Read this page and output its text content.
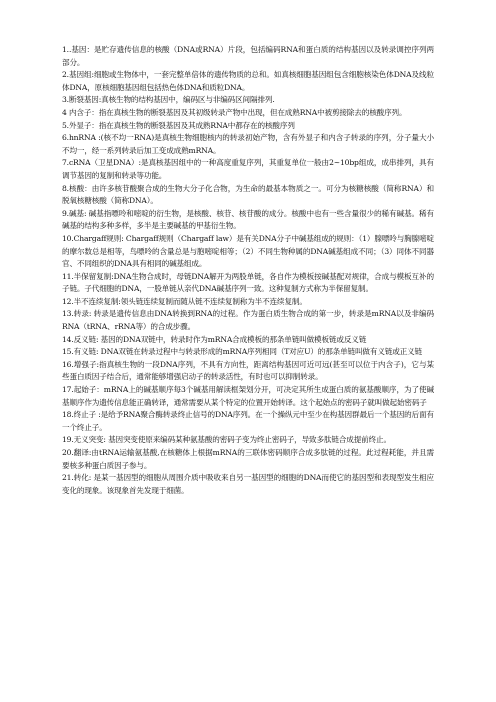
1..基因：是贮存遗传信息的核酸（DNA或RNA）片段，包括编码RNA和蛋白质的结构基因以及转录调控序列两部分。

2.基因组:细胞或生物体中，一套完整单倍体的遗传物质的总和。如真核细胞基因组包含细胞核染色体DNA及线粒体DNA，原核细胞基因组包括热色体DNA和质粒DNA。

3.断裂基因:真核生物的结构基因中，编码区与非编码区间隔排列.

4 内含子：指在真核生物的断裂基因及其初级转录产物中出现，但在成熟RNA中被剪接除去的核酸序列。

5.外显子：指在真核生物的断裂基因及其成熟RNA中都存在的核酸序列

6.hnRNA :(核不均一RNA)是真核生物细胞核内的转录初始产物，含有外显子和内含子转录的序列，分子量大小不均一，经一系列转录后加工变成成熟mRNA。

7.cRNA（卫星DNA）:是真核基因组中的一种高度重复序列，其重复单位一般由2~10bp组成，成串排列，具有调节基因的复制和转录等功能。

8.核酸：由许多核苷酸聚合成的生物大分子化合物，为生命的最基本物质之一。可分为核糖核酸（简称RNA）和脱氧核糖核酸（简称DNA）。

9.碱基: 碱基指嘌呤和嘧啶的衍生物，是核酸、核苷、核苷酸的成分。核酸中也有一些含量很少的稀有碱基。稀有碱基的结构多种多样，多半是主要碱基的甲基衍生物。

10.Chargaff规则: Chargaff规则（Chargaff law）是有关DNA分子中碱基组成的规则：（1）腺嘌呤与胸腺嘧啶的摩尔数总是相等，鸟嘌呤的含量总是与胞嘧啶相等；（2）不同生物种属的DNA碱基组成不同；（3）同体不同器官、不同组织的DNA具有相同的碱基组成。

11.半保留复制:DNA生物合成时，母链DNA解开为两股单链，各自作为模板按碱基配对规律，合成与模板互补的子链。子代细胞的DNA，一股单链从亲代DNA碱基序列一致。这种复制方式称为半保留复制。

12.半不连续复制:领头链连续复制而随从链不连续复制称为半不连续复制。

13.转录: 转录是遗传信息由DNA转换到RNA的过程。作为蛋白质生物合成的第一步，转录是mRNA以及非编码RNA（tRNA、rRNA等）的合成步骤。

14.反义链: 基因的DNA双链中，转录时作为mRNA合成模板的那条单链叫做模板链或反义链

15.有义链: DNA双链在转录过程中与转录形成的mRNA序列相同（T对应U）的那条单链叫做有义链或正义链

16.增强子:指真核生物的一段DNA序列，不具有方向性，距离结构基因可近可远(甚至可以位于内含子)，它与某些蛋白质因子结合后，通常能够增强启动子的转录活性，有时也可以抑制转录。

17.起始子：mRNA上的碱基顺序每3个碱基用解读框架划分开，可决定其所生成蛋白质的氨基酸顺序，为了使碱基顺序作为遗传信息能正确转译，通常需要从某个特定的位置开始转译。这个起始点的密码子就叫做起始密码子

18.终止子 :是给予RNA聚合酶转录终止信号的DNA序列。在一个操纵元中至少在构基因群最后一个基因的后面有一个终止子。

19.无义突变: 基因突变使原来编码某种氨基酸的密码子变为终止密码子，导致多肽链合成提前终止。

20.翻译:由tRNA运输氨基酸,在核糖体上根据mRNA的三联体密码顺序合成多肽链的过程。此过程耗能，并且需要核多种蛋白质因子参与。

21.转化: 是某一基因型的细胞从周围介质中吸收来自另一基因型的细胞的DNA而使它的基因型和表现型发生相应变化的现象。该现象首先发现于细菌。
